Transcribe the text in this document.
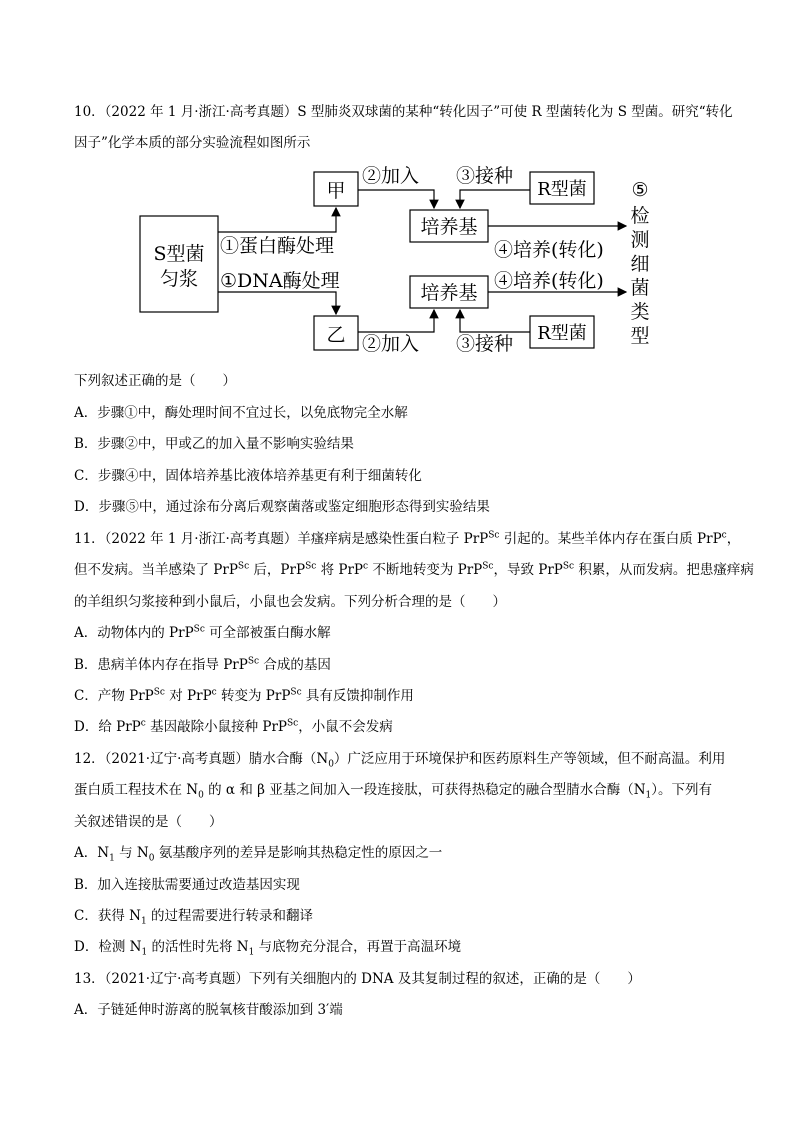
10．（2022 年 1 月·浙江·高考真题）S 型肺炎双球菌的某种“转化因子”可使 R 型菌转化为 S 型菌。研究“转化
因子”化学本质的部分实验流程如图所示
S型菌
匀浆
甲
乙
①蛋白酶处理
①DNA酶处理
培养基
培养基
②加入
②加入
R型菌
③接种
R型菌
③接种
④培养(转化)
④培养(转化)
⑤
检
测
细
菌
类
型
下列叙述正确的是（　　）
A．步骤①中，酶处理时间不宜过长，以免底物完全水解
B．步骤②中，甲或乙的加入量不影响实验结果
C．步骤④中，固体培养基比液体培养基更有利于细菌转化
D．步骤⑤中，通过涂布分离后观察菌落或鉴定细胞形态得到实验结果
11．（2022 年 1 月·浙江·高考真题）羊瘙痒病是感染性蛋白粒子 PrP$^{Sc}$ 引起的。某些羊体内存在蛋白质 PrP$^c$，
但不发病。当羊感染了 PrP$^{Sc}$ 后，PrP$^{Sc}$ 将 PrP$^c$ 不断地转变为 PrP$^{Sc}$，导致 PrP$^{Sc}$ 积累，从而发病。把患瘙痒病
的羊组织匀浆接种到小鼠后，小鼠也会发病。下列分析合理的是（　　）
A．动物体内的 PrP$^{Sc}$ 可全部被蛋白酶水解
B．患病羊体内存在指导 PrP$^{Sc}$ 合成的基因
C．产物 PrP$^{Sc}$ 对 PrP$^c$ 转变为 PrP$^{Sc}$ 具有反馈抑制作用
D．给 PrP$^c$ 基因敲除小鼠接种 PrP$^{Sc}$，小鼠不会发病
12．（2021·辽宁·高考真题）腈水合酶$(N_0)$广泛应用于环境保护和医药原料生产等领域，但不耐高温。利用
蛋白质工程技术在 $N_0$ 的 α 和 β 亚基之间加入一段连接肽，可获得热稳定的融合型腈水合酶$(N_1)$。下列有
关叙述错误的是（　　）
A．$N_1$ 与 $N_0$ 氨基酸序列的差异是影响其热稳定性的原因之一
B．加入连接肽需要通过改造基因实现
C．获得 $N_1$ 的过程需要进行转录和翻译
D．检测 $N_1$ 的活性时先将 $N_1$ 与底物充分混合，再置于高温环境
13．（2021·辽宁·高考真题）下列有关细胞内的 DNA 及其复制过程的叙述，正确的是（　　）
A．子链延伸时游离的脱氧核苷酸添加到 3′端
